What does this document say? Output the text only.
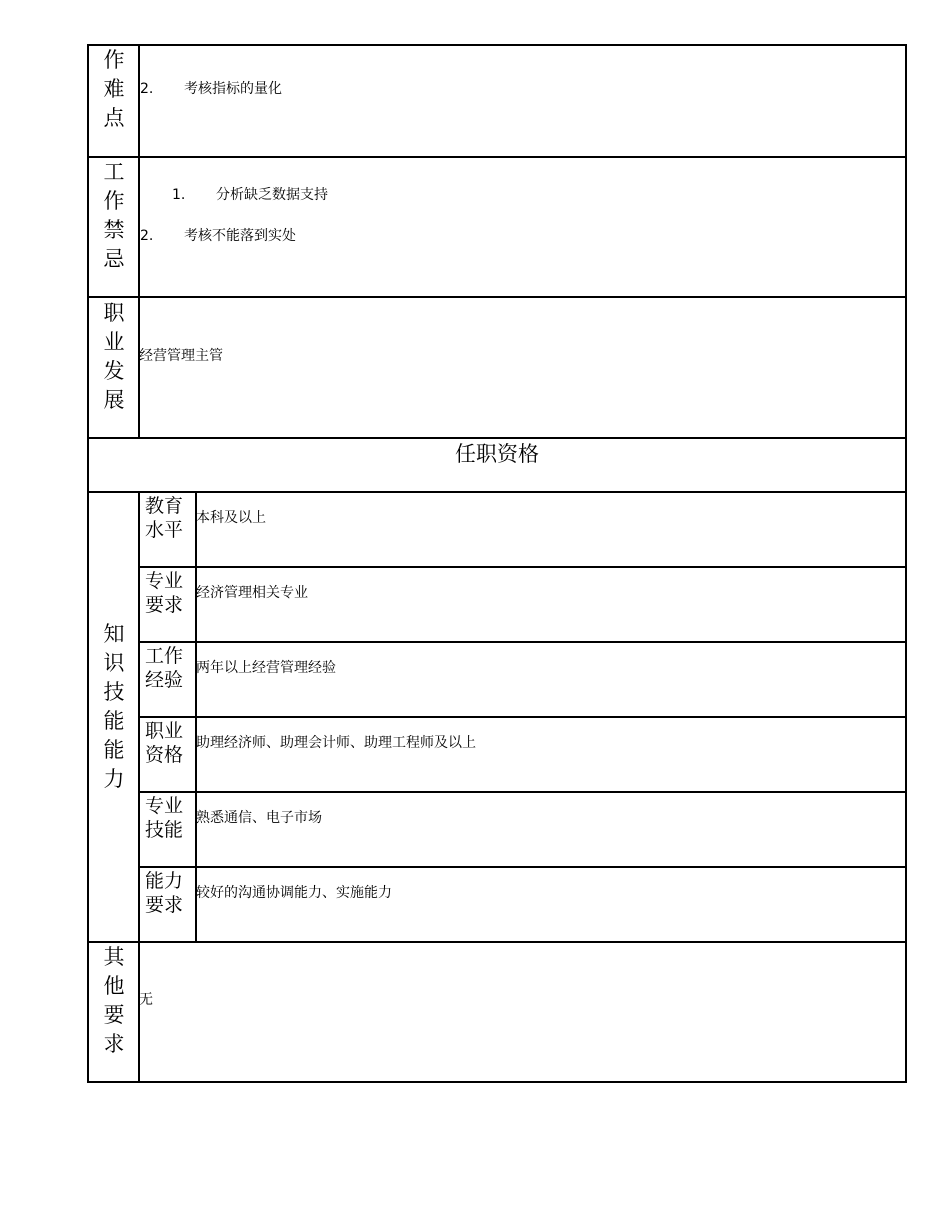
作
难
点
2. 考核指标的量化
工
作
禁
忌
1. 分析缺乏数据支持
2. 考核不能落到实处
职
业
发
展
经营管理主管
任职资格
知
识
技
能
能
力
教育
水平
本科及以上
专业
要求
经济管理相关专业
工作
经验
两年以上经营管理经验
职业
资格
助理经济师、助理会计师、助理工程师及以上
专业
技能
熟悉通信、电子市场
能力
要求
较好的沟通协调能力、实施能力
其
他
要
求
无
